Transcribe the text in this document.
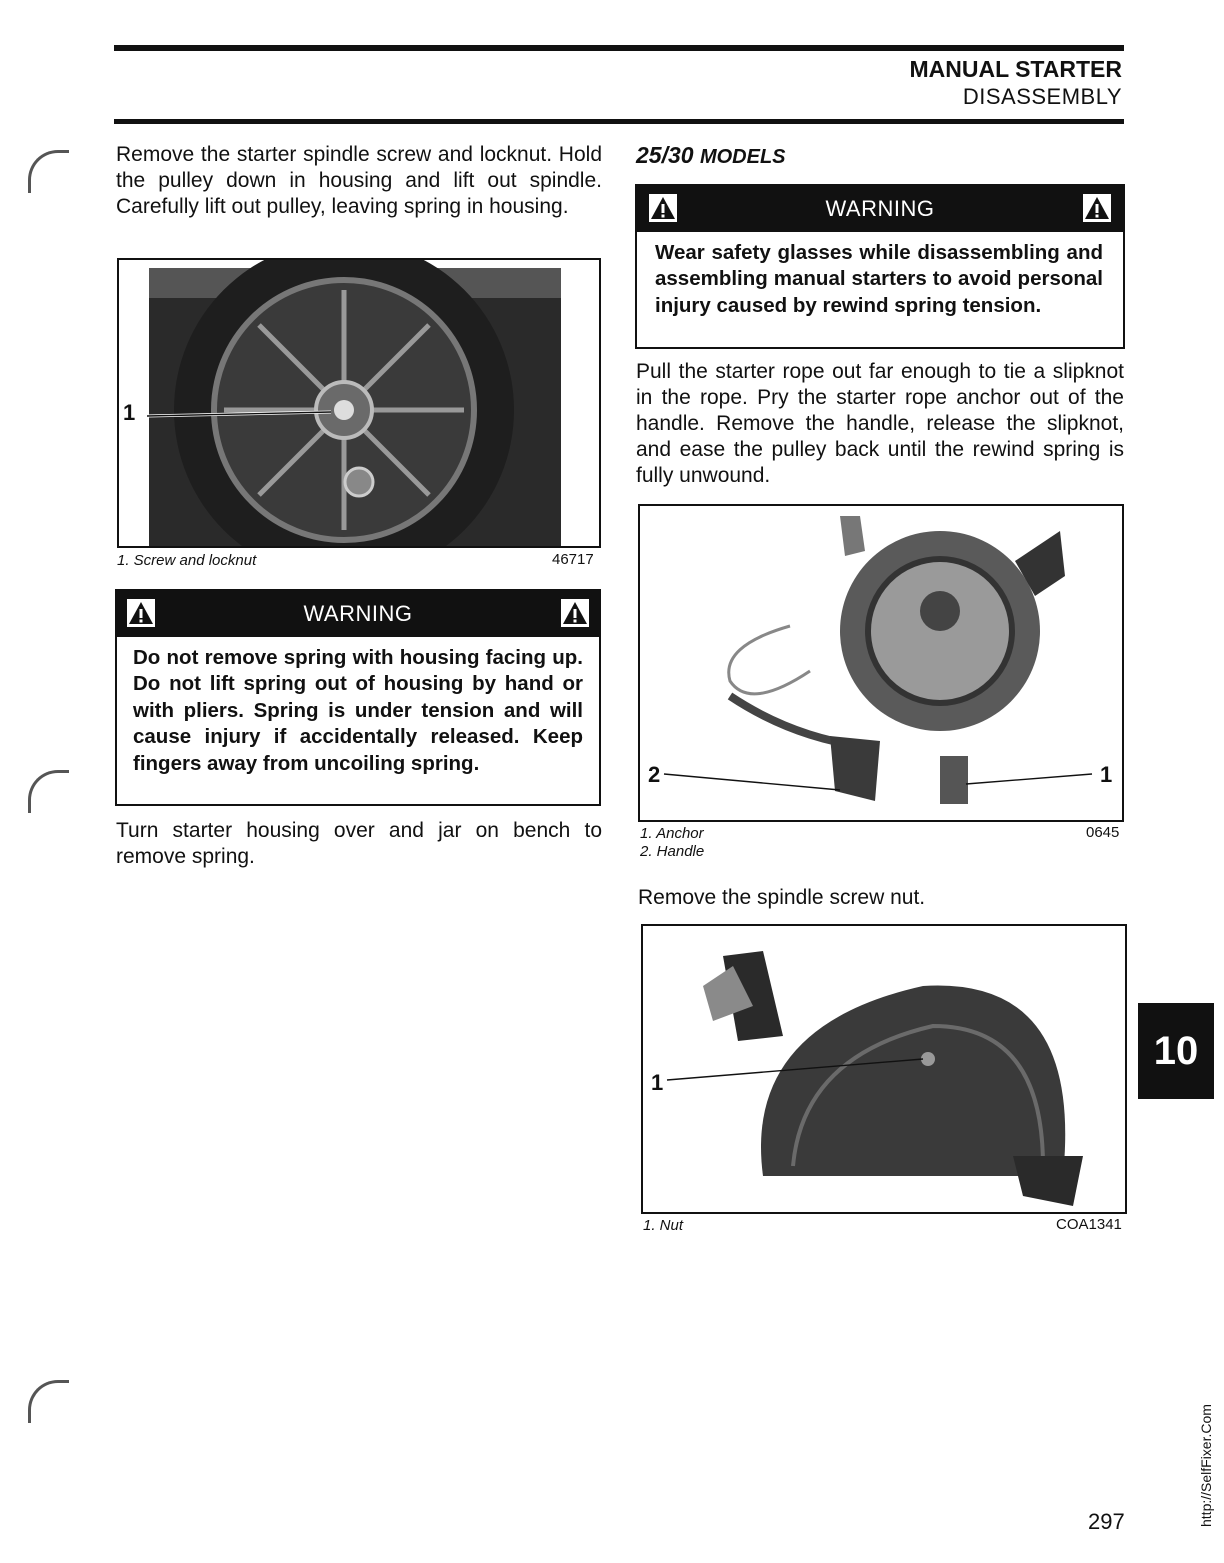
MANUAL STARTER
DISASSEMBLY

Remove the starter spindle screw and locknut. Hold the pulley down in housing and lift out spindle. Carefully lift out pulley, leaving spring in housing.

1
1. Screw and locknut	46717
WARNING
Do not remove spring with housing facing up. Do not lift spring out of housing by hand or with pliers. Spring is under tension and will cause injury if accidentally released. Keep fingers away from uncoiling spring.

Turn starter housing over and jar on bench to remove spring.

25/30 MODELS
WARNING
Wear safety glasses while disassembling and assembling manual starters to avoid personal injury caused by rewind spring tension.

Pull the starter rope out far enough to tie a slipknot in the rope. Pry the starter rope anchor out of the handle. Remove the handle, release the slipknot, and ease the pulley back until the rewind spring is fully unwound.

2	1
1. Anchor
2. Handle
0645

Remove the spindle screw nut.

1
1. Nut	COA1341
10
297	http://SelfFixer.Com
